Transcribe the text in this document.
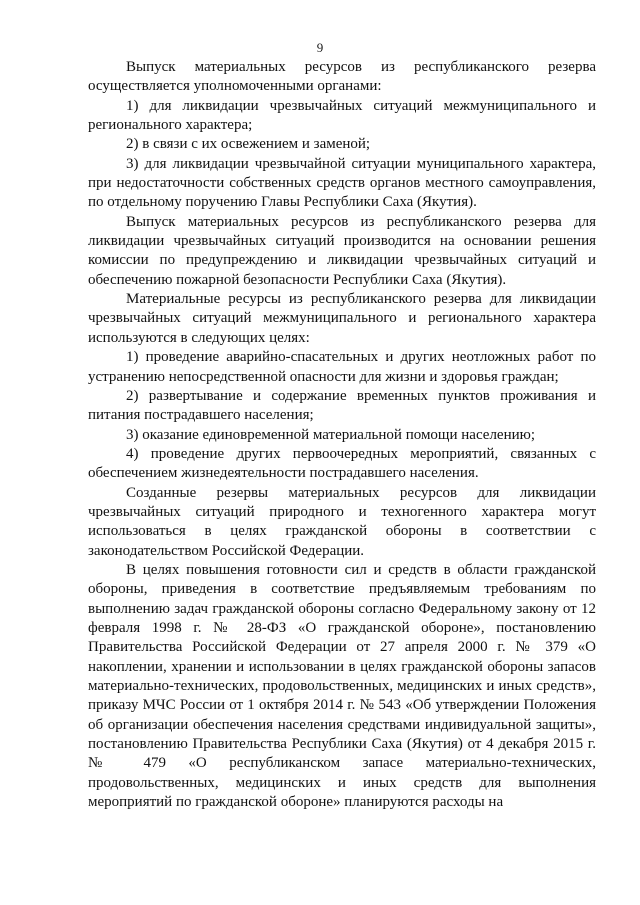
9

Выпуск материальных ресурсов из республиканского резерва осуществляется уполномоченными органами:

1) для ликвидации чрезвычайных ситуаций межмуниципального и регионального характера;

2) в связи с их освежением и заменой;

3) для ликвидации чрезвычайной ситуации муниципального характера, при недостаточности собственных средств органов местного самоуправления, по отдельному поручению Главы Республики Саха (Якутия).

Выпуск материальных ресурсов из республиканского резерва для ликвидации чрезвычайных ситуаций производится на основании решения комиссии по предупреждению и ликвидации чрезвычайных ситуаций и обеспечению пожарной безопасности Республики Саха (Якутия).

Материальные ресурсы из республиканского резерва для ликвидации чрезвычайных ситуаций межмуниципального и регионального характера используются в следующих целях:

1) проведение аварийно-спасательных и других неотложных работ по устранению непосредственной опасности для жизни и здоровья граждан;

2) развертывание и содержание временных пунктов проживания и питания пострадавшего населения;

3) оказание единовременной материальной помощи населению;

4) проведение других первоочередных мероприятий, связанных с обеспечением жизнедеятельности пострадавшего населения.

Созданные резервы материальных ресурсов для ликвидации чрезвычайных ситуаций природного и техногенного характера могут использоваться в целях гражданской обороны в соответствии с законодательством Российской Федерации.

В целях повышения готовности сил и средств в области гражданской обороны, приведения в соответствие предъявляемым требованиям по выполнению задач гражданской обороны согласно Федеральному закону от 12 февраля 1998 г. № 28-ФЗ «О гражданской обороне», постановлению Правительства Российской Федерации от 27 апреля 2000 г. № 379 «О накоплении, хранении и использовании в целях гражданской обороны запасов материально-технических, продовольственных, медицинских и иных средств», приказу МЧС России от 1 октября 2014 г. № 543 «Об утверждении Положения об организации обеспечения населения средствами индивидуальной защиты», постановлению Правительства Республики Саха (Якутия) от 4 декабря 2015 г. № 479 «О республиканском запасе материально-технических, продовольственных, медицинских и иных средств для выполнения мероприятий по гражданской обороне» планируются расходы на
